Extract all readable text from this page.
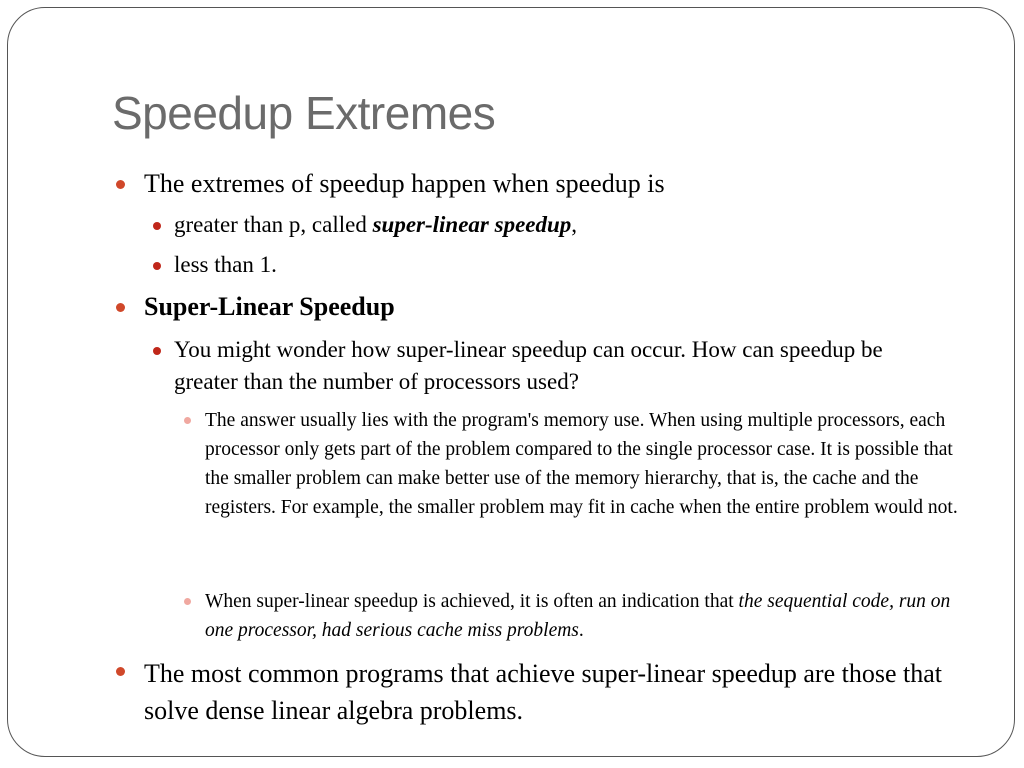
Speedup Extremes

The extremes of speedup happen when speedup is

greater than p, called super-linear speedup,

less than 1.

Super-Linear Speedup

You might wonder how super-linear speedup can occur. How can speedup be greater than the number of processors used?

The answer usually lies with the program's memory use. When using multiple processors, each processor only gets part of the problem compared to the single processor case. It is possible that the smaller problem can make better use of the memory hierarchy, that is, the cache and the registers. For example, the smaller problem may fit in cache when the entire problem would not.

When super-linear speedup is achieved, it is often an indication that the sequential code, run on one processor, had serious cache miss problems.

The most common programs that achieve super-linear speedup are those that solve dense linear algebra problems.
